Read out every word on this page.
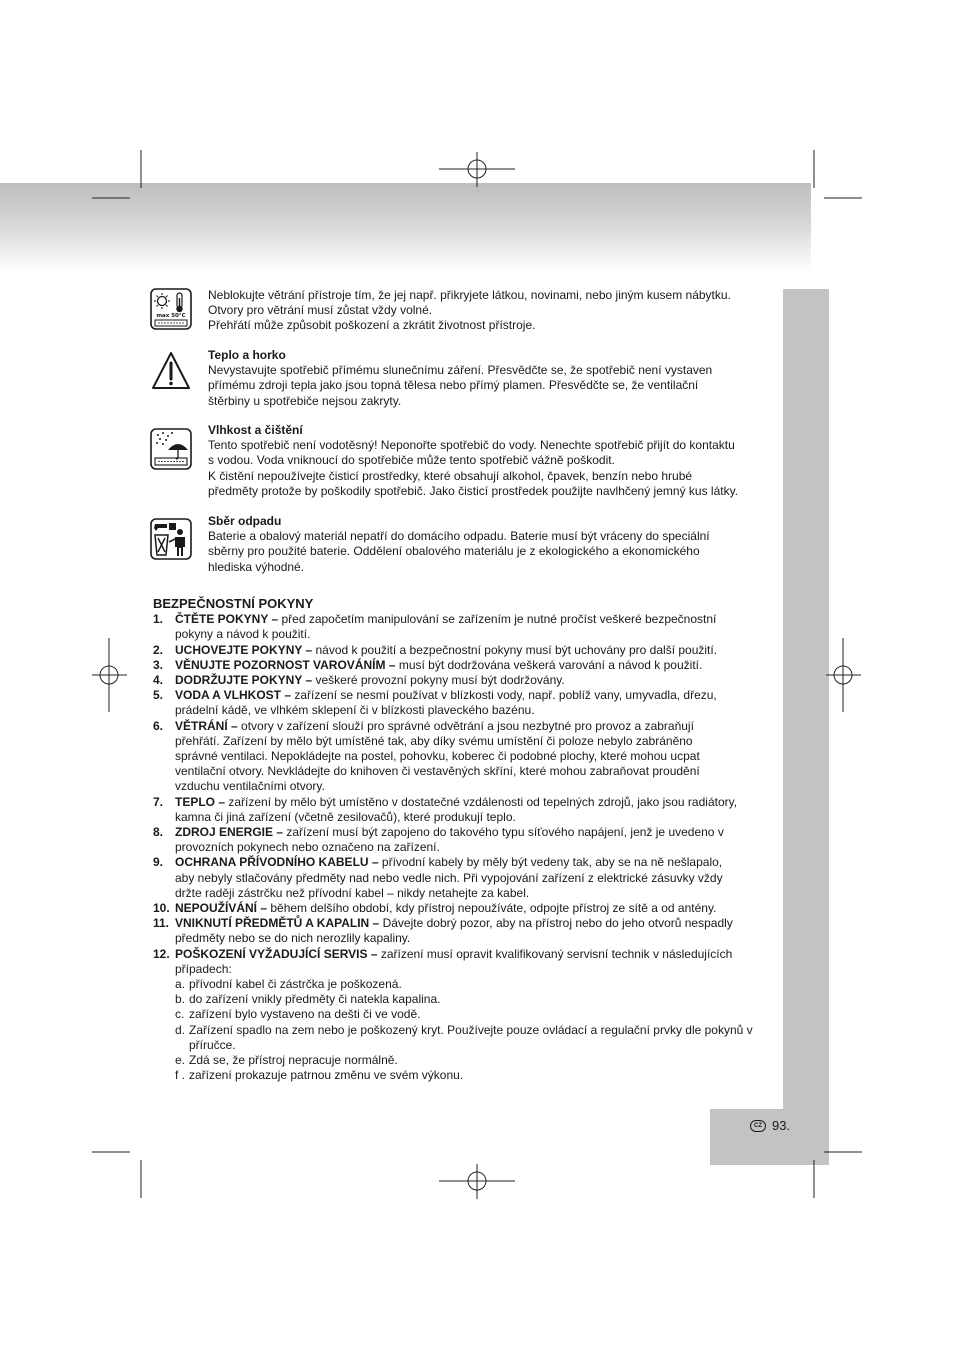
CZ 93.
max 50°C

Neblokujte větrání přístroje tím, že jej např. přikryjete látkou, novinami, nebo jiným kusem nábytku.

Otvory pro větrání musí zůstat vždy volné.

Přehřátí může způsobit poškození a zkrátit životnost přístroje.

Teplo a horko

Nevystavujte spotřebič přímému slunečnímu záření. Přesvědčte se, že spotřebič není vystaven

přímému zdroji tepla jako jsou topná tělesa nebo přímý plamen. Přesvědčte se, že ventilační

štěrbiny u spotřebiče nejsou zakryty.

Vlhkost a čištění

Tento spotřebič není vodotěsný! Neponořte spotřebič do vody. Nenechte spotřebič přijít do kontaktu

s vodou. Voda vniknoucí do spotřebiče může tento spotřebič vážně poškodit.

K čistění nepoužívejte čisticí prostředky, které obsahují alkohol, čpavek, benzín nebo hrubé

předměty protože by poškodily spotřebič. Jako čisticí prostředek použijte navlhčený jemný kus látky.

Sběr odpadu

Baterie a obalový materiál nepatří do domácího odpadu. Baterie musí být vráceny do speciální

sběrny pro použité baterie. Oddělení obalového materiálu je z ekologického a ekonomického

hlediska výhodné.

BEZPEČNOSTNÍ POKYNY
1. ČTĚTE POKYNY – před započetím manipulování se zařízením je nutné pročíst veškeré bezpečnostní
pokyny a návod k použití.
2. UCHOVEJTE POKYNY – návod k použití a bezpečnostní pokyny musí být uchovány pro další použití.
3. VĚNUJTE POZORNOST VAROVÁNÍM – musí být dodržována veškerá varování a návod k použití.
4. DODRŽUJTE POKYNY – veškeré provozní pokyny musí být dodržovány.
5. VODA A VLHKOST – zařízení se nesmí používat v blízkosti vody, např. poblíž vany, umyvadla, dřezu,
prádelní kádě, ve vlhkém sklepení či v blízkosti plaveckého bazénu.
6. VĚTRÁNÍ – otvory v zařízení slouží pro správné odvětrání a jsou nezbytné pro provoz a zabraňují
přehřátí. Zařízení by mělo být umístěné tak, aby díky svému umístění či poloze nebylo zabráněno
správné ventilaci. Nepokládejte na postel, pohovku, koberec či podobné plochy, které mohou ucpat
ventilační otvory. Nevkládejte do knihoven či vestavěných skříní, které mohou zabraňovat proudění
vzduchu ventilačními otvory.
7. TEPLO – zařízení by mělo být umístěno v dostatečné vzdálenosti od tepelných zdrojů, jako jsou radiátory,
kamna či jiná zařízení (včetně zesilovačů), které produkují teplo.
8. ZDROJ ENERGIE – zařízení musí být zapojeno do takového typu síťového napájení, jenž je uvedeno v
provozních pokynech nebo označeno na zařízení.
9. OCHRANA PŘÍVODNÍHO KABELU – přívodní kabely by měly být vedeny tak, aby se na ně nešlapalo,
aby nebyly stlačovány předměty nad nebo vedle nich. Při vypojování zařízení z elektrické zásuvky vždy
držte raději zástrčku než přívodní kabel – nikdy netahejte za kabel.
10. NEPOUŽÍVÁNÍ – během delšího období, kdy přístroj nepoužíváte, odpojte přístroj ze sítě a od antény.
11. VNIKNUTÍ PŘEDMĚTŮ A KAPALIN – Dávejte dobrý pozor, aby na přístroj nebo do jeho otvorů nespadly
předměty nebo se do nich nerozlily kapaliny.
12. POŠKOZENÍ VYŽADUJÍCÍ SERVIS – zařízení musí opravit kvalifikovaný servisní technik v následujících
případech:
a. přívodní kabel či zástrčka je poškozená.
b. do zařízení vnikly předměty či natekla kapalina.
c. zařízení bylo vystaveno na dešti či ve vodě.
d. Zařízení spadlo na zem nebo je poškozený kryt. Používejte pouze ovládací a regulační prvky dle pokynů v příručce.
e. Zdá se, že přístroj nepracuje normálně.
f . zařízení prokazuje patrnou změnu ve svém výkonu.
